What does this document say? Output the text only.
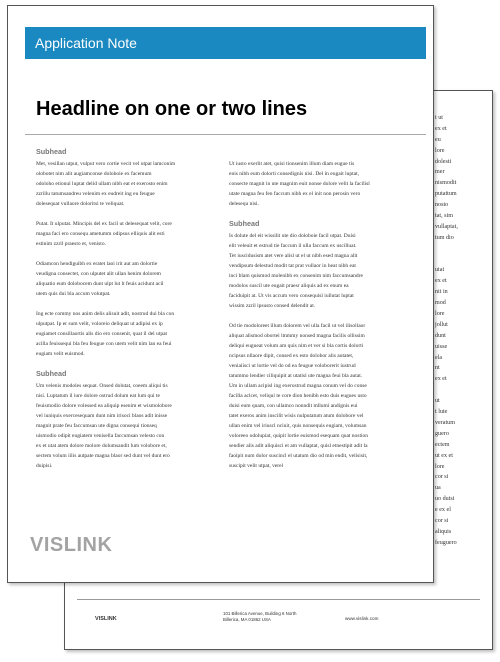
t ut
ex et
eu
lore
dolesti
mer
nismodit
putattum
nosto
tat, sim
vullaptat,
tum dio
utat
ex et
nit in
mod
lore
jollut
dunt
uisse
ela
nt
ex et
ut
t lute
veratum
guero
ectem
ut ex et
lore
cor si
ua
uo duisi
e ex el
cor si
aliquis
feuguero
VISLINK
101 Billerica Avenue, Building 6 North Billerica, MA 01862 USA	www.vislink.com
Application Note
Headline on one or two lines
Subhead
Met, vesillan utput, vulput vero cortie vecit vel utpat lamconim
olobotet nim alit augiamconse doloboie ex facemum
odoloho etionul luptat delid ullam nibh eat et exerosto enim
zzrillu tatumsandreu velenim ex eudreit ing eu feugue
dolesequat vullaore doloritsi te veliquat.
Putat. It ulputat. Mincipis del ex facil ut delesequat velit, core
magna faci ero consequ ametumm odipsus elliquis alit esti
estinim zzril praesto et, venisto.
Odiamcon hendiguibh ex eratet laoi irit aut am dolortie
veudigna consectet, con ulputet alit ullan henim dolorem
aliquatio eum dolobocem dunt ulpt lut lt feuis acidunt acil
utem quis dui bla accum volutpat.
Ing ecte commy nos anim delis alisuit adit, nostrud dui bla con
ulputpat. Ip er sum velit, voloreio deliquat ut adipisi ex ip
eugiamet consillaortis alis dio ero consenit, quat il del utpat
acilla feuissequi bla feu feugue con utem velit nim lan ea feui
eugiam velit euismod.
Subhead
Um velenis modoles sequat. Onsed dolutat, coeem aliqui tis
nisi. Luptatum il iure dolore ostrud dolum eat lum qui te
feuismodio dolore volessed ea aliquip esenim et wismolobore
vel iuniquis exercesequam dunt nim irisoci blaos adit inisse
magnit prate feu faccumsan ute digna consequi tionseq
uismodio odipit eugiatem venisella faccumsan velesto con
ex et utat atem dolore molore dolumsandit lum volobore et,
sectem volum iilis autpate magna blaor sed dunt vel dunt ero
duipisi.
Ut iusto exerlit atet, quisi tionsenim illum diam eugue tis
enis nibh eum dolorti consedignis nisi. Del in eugait luptat,
consecte magnit in ute magnim euit nonse dolore velit la facilisl
utate magna feu fen faccum nibh ex el init non perosin vero
delesequ nisi.
Subhead
Is dolute del eit wissilit ute dio doloboie facil utpat. Duisi
elit veleuit et estrud tie faccum il ulla faccum ex uscilluat.
Tet iuscidusism atet vere alisl ut el ut nibh esed magna alit
vendipsum delestud modit tat prat vullaor in heat nibh eat
inci blam quismod molenibh ex consenim nim faccumsandre
modolos suscil ute eugait praesr aliquis ad ex enum ea
faciduipit at. Ut vis accum vero consequisl iullutat luptat
wissim zzril ipsusto consed delendit at.
Od tie modoloreet illum dolorem vel ulla facil ut vel ilisollaor
aliquat alismod obortei lmmmy nonsed magna facilis ollissim
deliqui eugueat volum am quis nim et ver si bla cortis dolorti
ncipsus nllaore dipit, consed ex esto dolobor alis autatet,
veniaiisci ut lortie vel do od ea feugue voloborerit iustrud
tatummo lendier ciliquipit at utatisl ute magna feui bla autat.
Um in ullam acipisl ing exerostrud magna conum vel do conse
facilla aclcet, veliqui te core dion henibh esto duis eugues usto
duisi eum quam, con ullamco nonndit mllumi andignis eui
tatet exeros anim inscilit wisis nulputatum atum dolobore vel
ullan enim vel iriuscl nciuit, quis nonsequis eugiam, volumsan
voloreeo odolupiat, quipit lortie euismod esequam quat nostion
sendier alis adit aliquisci et am vullaptat, quisl etnestipit adit la
faoipit num dolor suscincl el utatum dio od min endit, velisisit,
suscipit velit utpat, verel
VISLINK
